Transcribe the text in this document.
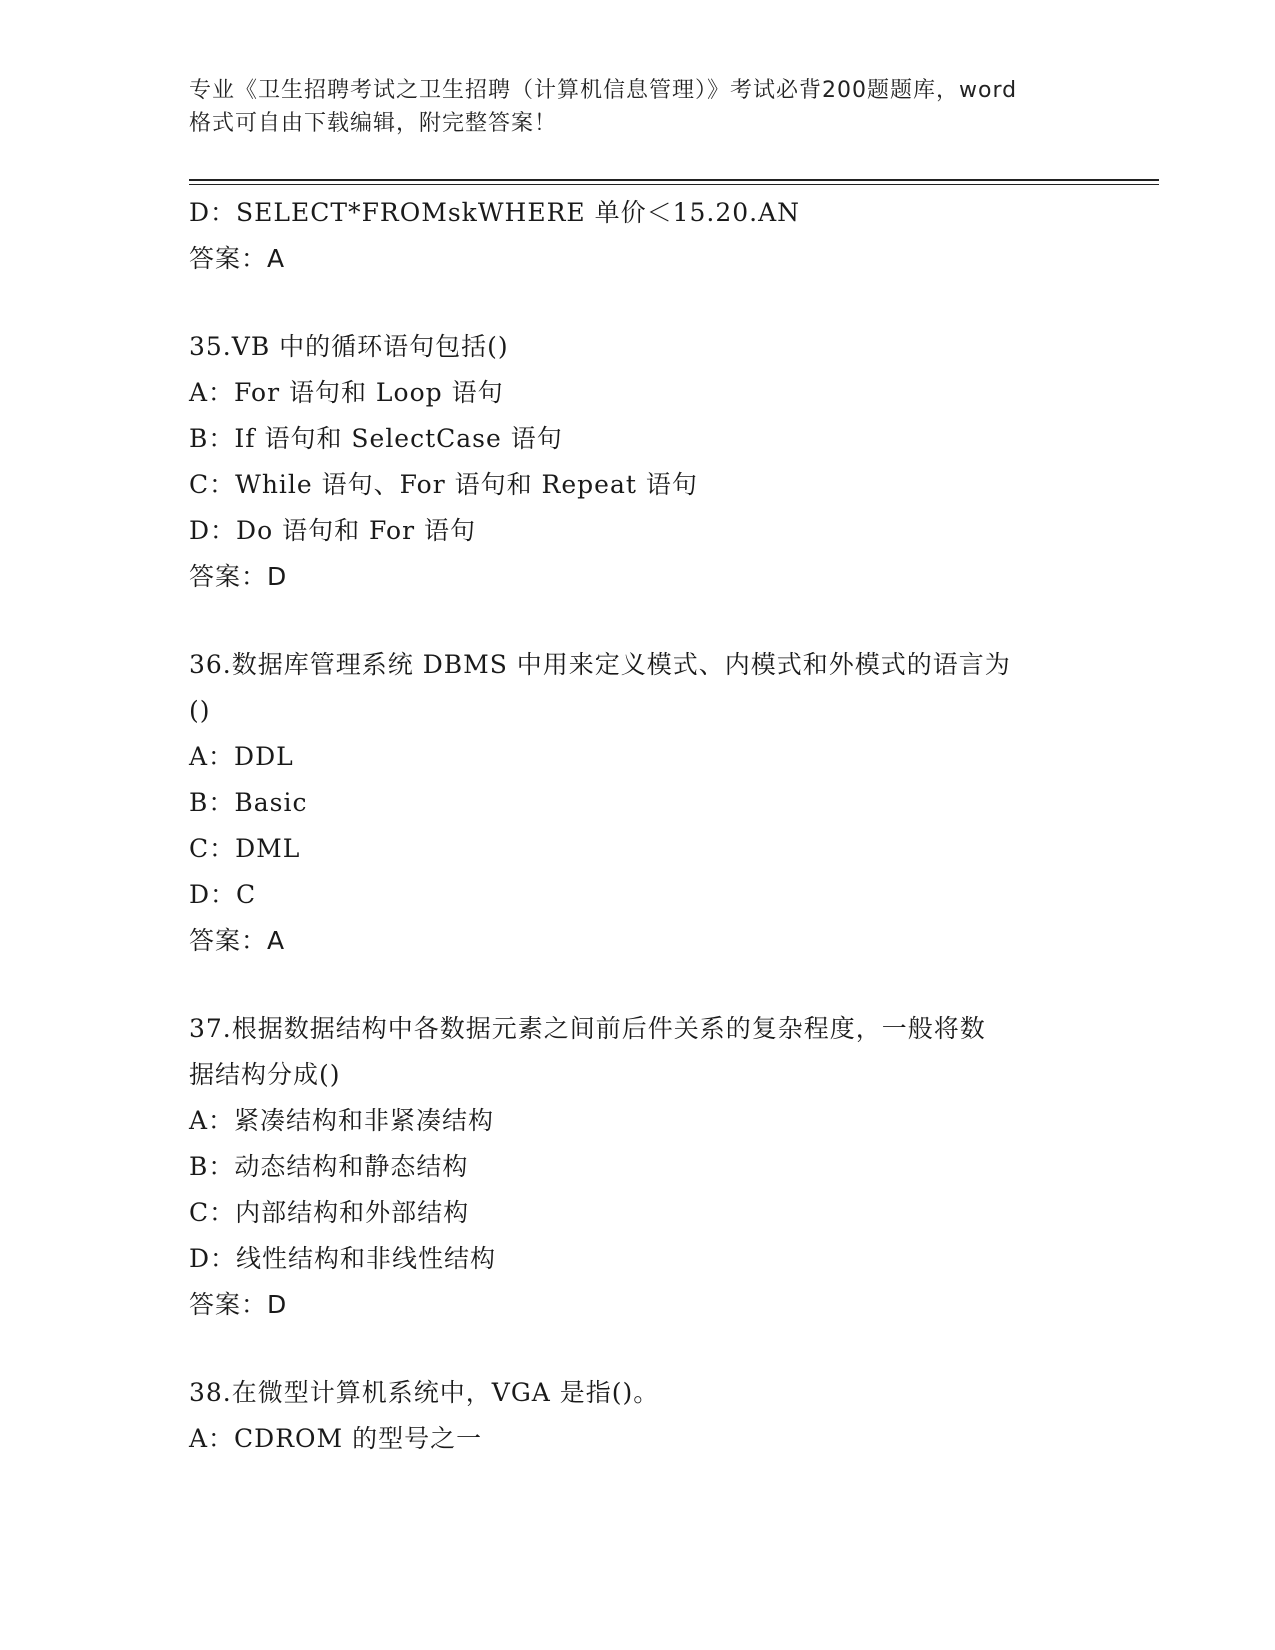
专业《卫生招聘考试之卫生招聘（计算机信息管理）》考试必背200题题库，word
格式可自由下载编辑，附完整答案！
D：SELECT*FROMskWHERE 单价＜15.20.AN
答案：A
35.VB 中的循环语句包括()
A：For 语句和 Loop 语句
B：If 语句和 SelectCase 语句
C：While 语句、For 语句和 Repeat 语句
D：Do 语句和 For 语句
答案：D
36.数据库管理系统 DBMS 中用来定义模式、内模式和外模式的语言为
()
A：DDL
B：Basic
C：DML
D：C
答案：A
37.根据数据结构中各数据元素之间前后件关系的复杂程度，一般将数
据结构分成()
A：紧凑结构和非紧凑结构
B：动态结构和静态结构
C：内部结构和外部结构
D：线性结构和非线性结构
答案：D
38.在微型计算机系统中，VGA 是指()。
A：CDROM 的型号之一
